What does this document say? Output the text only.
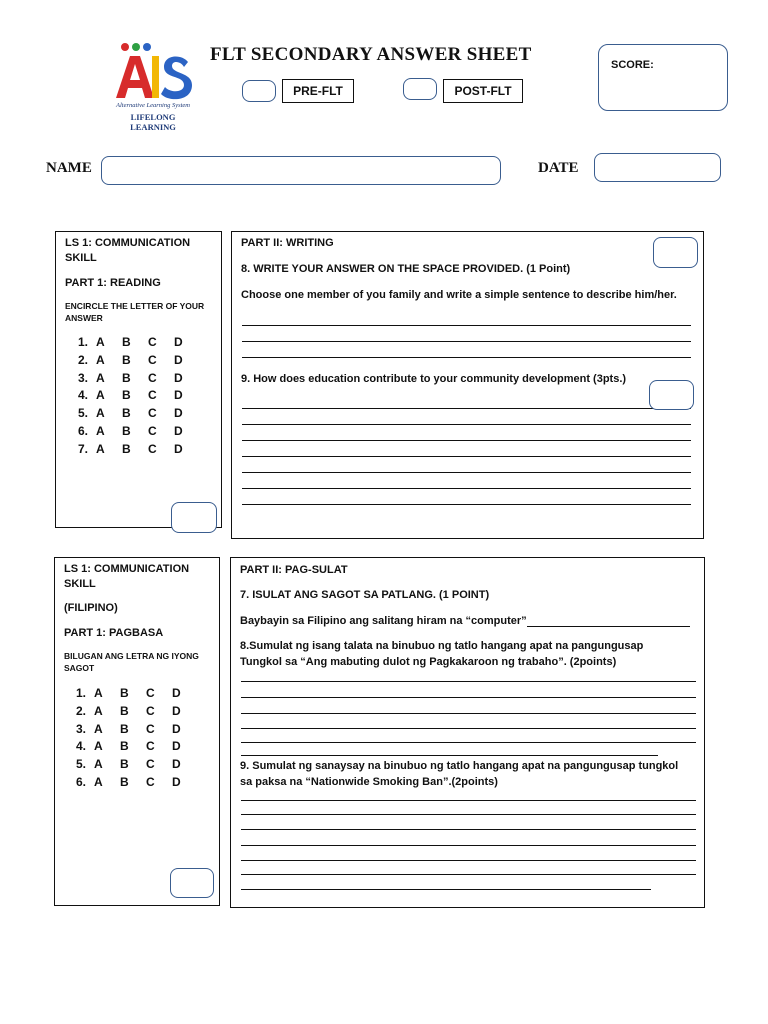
Alternative Learning System
LIFELONG LEARNING
FLT SECONDARY ANSWER SHEET
PRE-FLT	POST-FLT
SCORE:
NAME	DATE
LS 1: COMMUNICATION SKILL
PART 1: READING
ENCIRCLE THE LETTER OF YOUR ANSWER
1. A	B	C	D
2. A	B	C	D
3. A	B	C	D
4. A	B	C	D
5. A	B	C	D
6. A	B	C	D
7. A	B	C	D
PART II: WRITING
8. WRITE YOUR ANSWER ON THE SPACE PROVIDED. (1 Point)
Choose one member of you family and write a simple sentence to describe him/her.
9. How does education contribute to your community development (3pts.)
LS 1: COMMUNICATION SKILL
(FILIPINO)
PART 1: PAGBASA
BILUGAN ANG LETRA NG IYONG SAGOT
1. A	B	C	D
2. A	B	C	D
3. A	B	C	D
4. A	B	C	D
5. A	B	C	D
6. A	B	C	D
PART II: PAG-SULAT
7. ISULAT ANG SAGOT SA PATLANG. (1 POINT)
Baybayin sa Filipino ang salitang hiram na “computer”
8.Sumulat ng isang talata na binubuo ng tatlo hangang apat na pangungusap
Tungkol sa “Ang mabuting dulot ng Pagkakaroon ng trabaho”. (2points)
9. Sumulat ng sanaysay na binubuo ng tatlo hangang apat na pangungusap tungkol
sa paksa na “Nationwide Smoking Ban”.(2points)
